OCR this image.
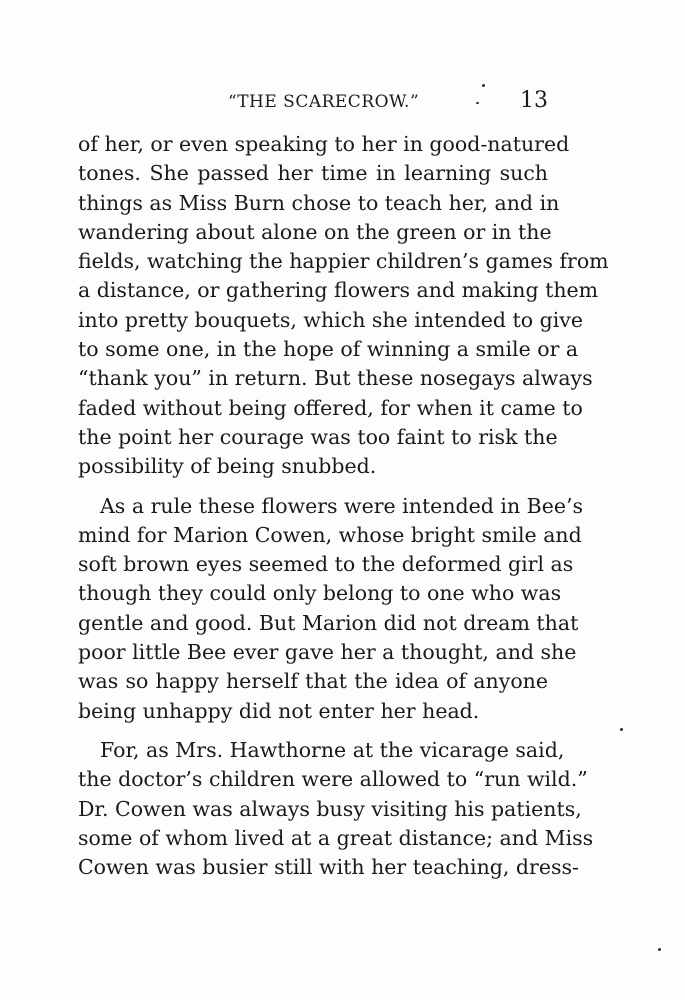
“THE SCARECROW.”	13

of her, or even speaking to her in good-natured
tones. She passed her time in learning such
things as Miss Burn chose to teach her, and in
wandering about alone on the green or in the
fields, watching the happier children’s games from
a distance, or gathering flowers and making them
into pretty bouquets, which she intended to give
to some one, in the hope of winning a smile or a
“thank you” in return. But these nosegays always
faded without being offered, for when it came to
the point her courage was too faint to risk the
possibility of being snubbed.

As a rule these flowers were intended in Bee’s
mind for Marion Cowen, whose bright smile and
soft brown eyes seemed to the deformed girl as
though they could only belong to one who was
gentle and good. But Marion did not dream that
poor little Bee ever gave her a thought, and she
was so happy herself that the idea of anyone
being unhappy did not enter her head.

For, as Mrs. Hawthorne at the vicarage said,
the doctor’s children were allowed to “run wild.”
Dr. Cowen was always busy visiting his patients,
some of whom lived at a great distance; and Miss
Cowen was busier still with her teaching, dress-
